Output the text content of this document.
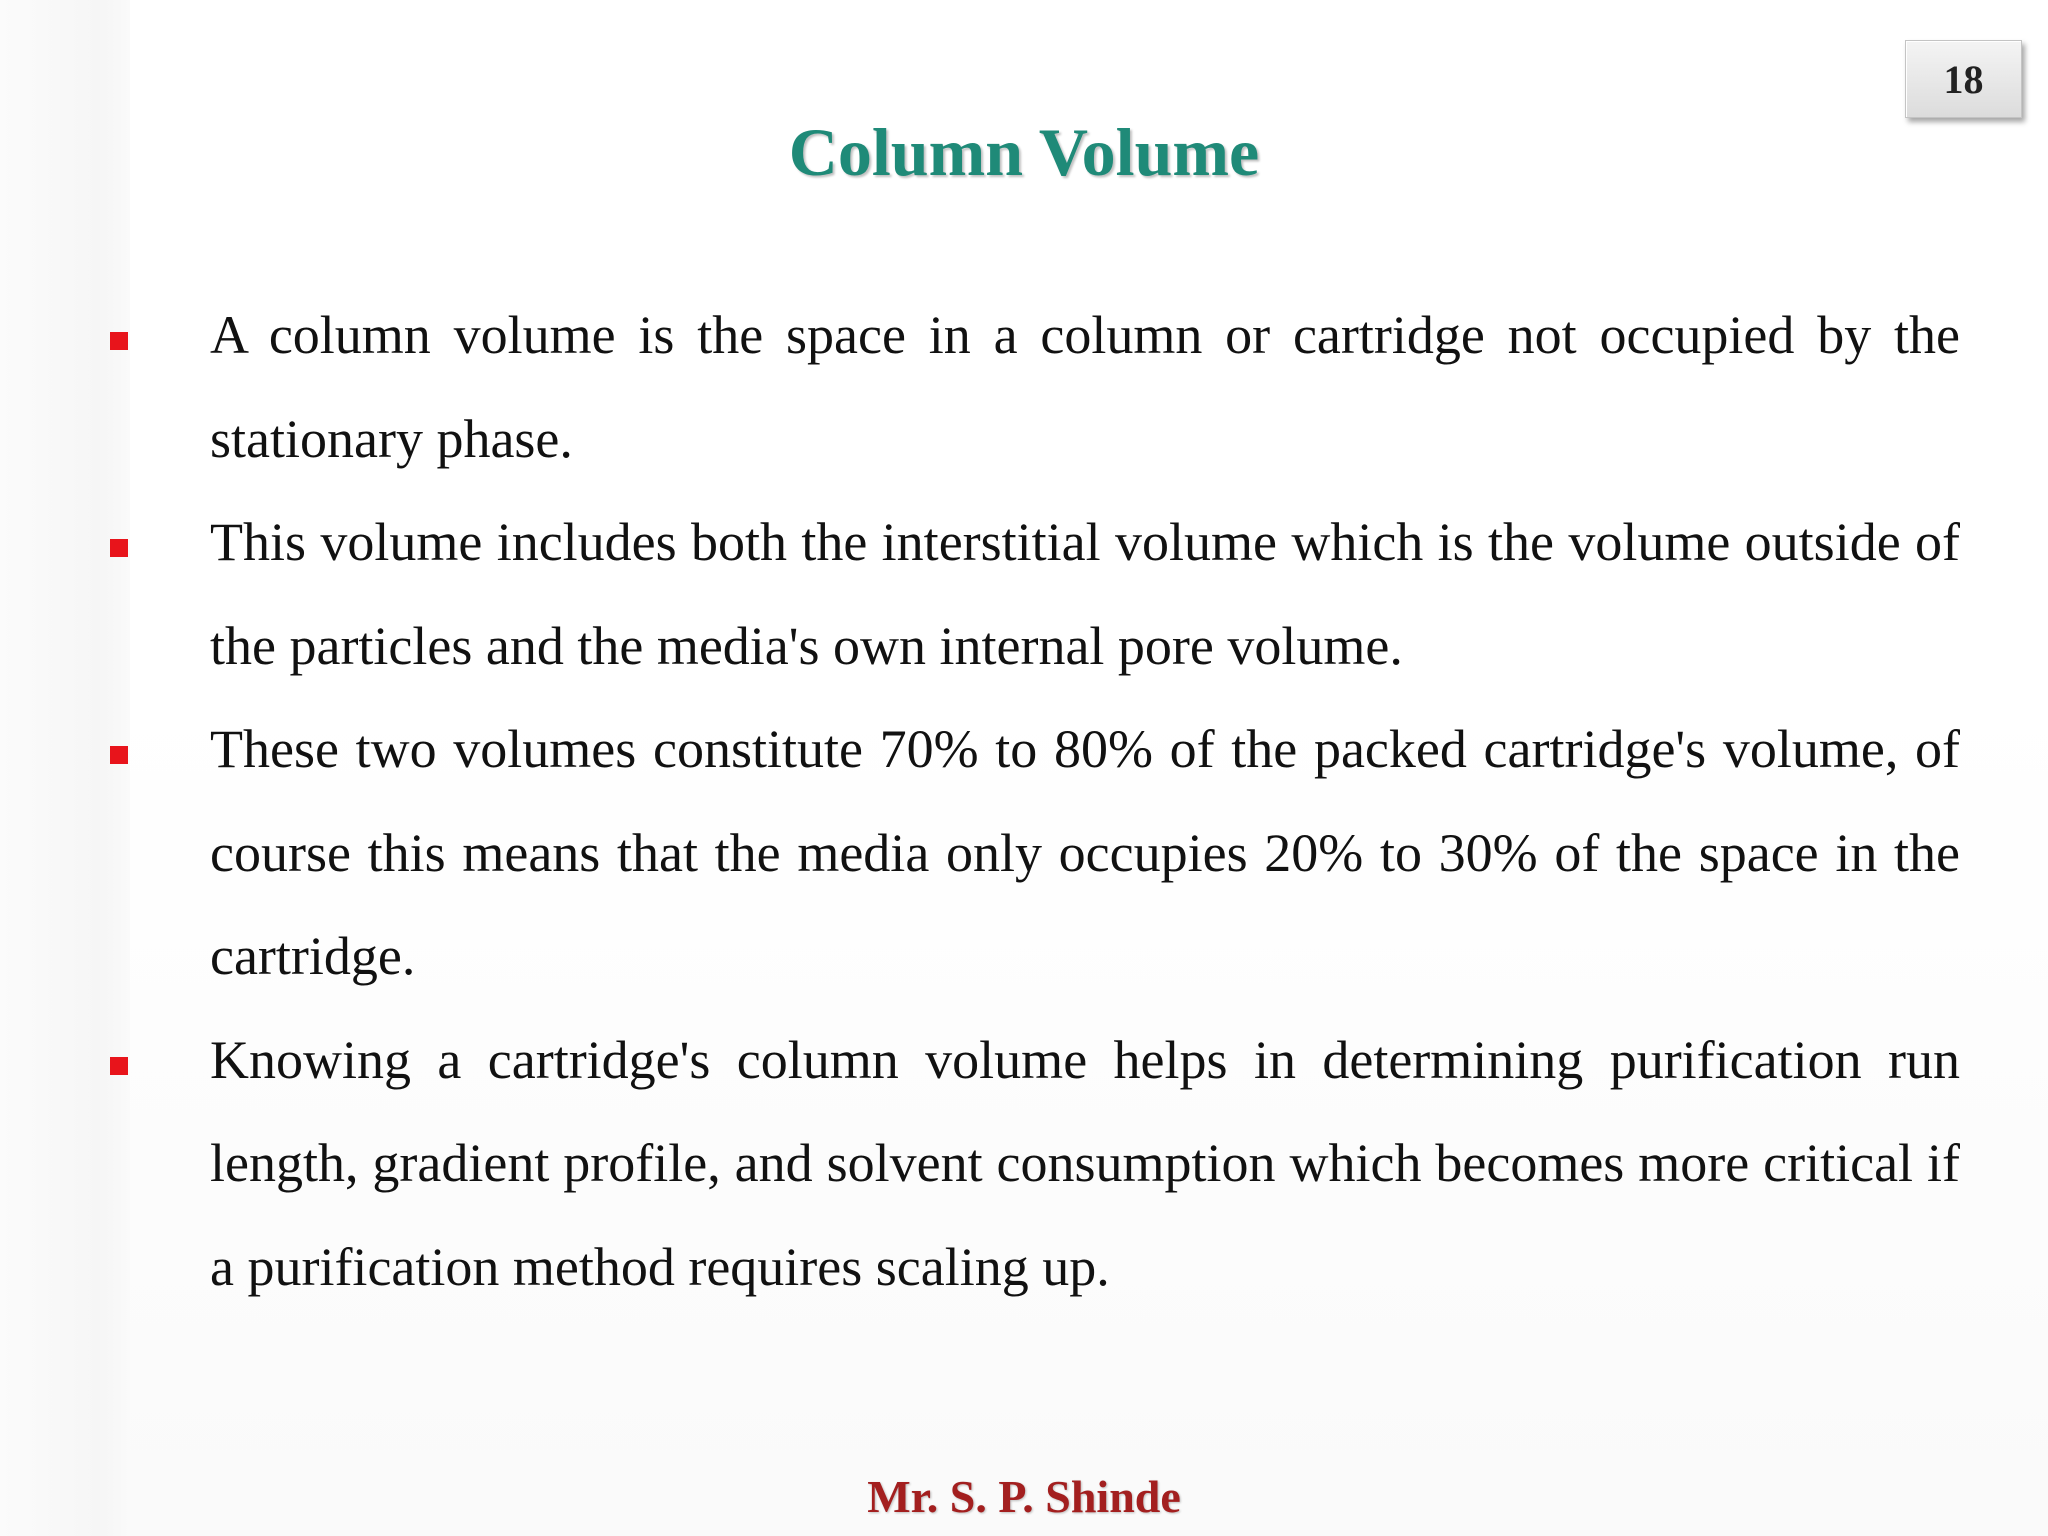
18
Column Volume
A column volume is the space in a column or cartridge not occupied by the stationary phase.
This volume includes both the interstitial volume which is the volume outside of the particles and the media's own internal pore volume.
These two volumes constitute 70% to 80% of the packed cartridge's volume, of course this means that the media only occupies 20% to 30% of the space in the cartridge.
Knowing a cartridge's column volume helps in determining purification run length, gradient profile, and solvent consumption which becomes more critical if a purification method requires scaling up.
Mr. S. P. Shinde
